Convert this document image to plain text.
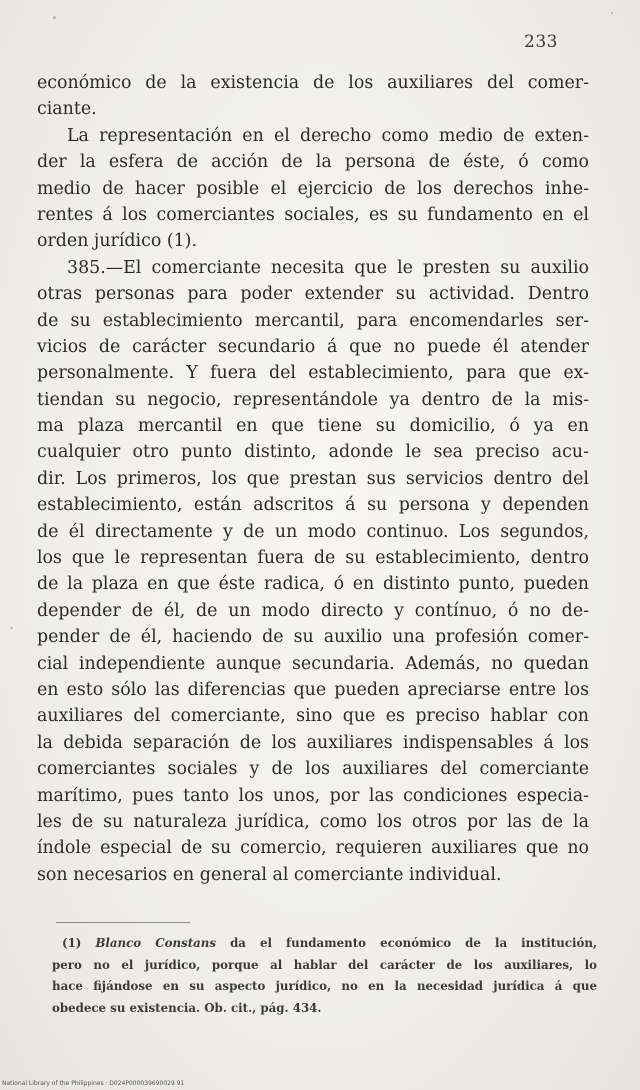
233
económico de la existencia de los auxiliares del comer-
ciante.
La representación en el derecho como medio de exten-
der la esfera de acción de la persona de éste, ó como
medio de hacer posible el ejercicio de los derechos inhe-
rentes á los comerciantes sociales, es su fundamento en el
orden jurídico (1).
385.—El comerciante necesita que le presten su auxilio
otras personas para poder extender su actividad. Dentro
de su establecimiento mercantil, para encomendarles ser-
vicios de carácter secundario á que no puede él atender
personalmente. Y fuera del establecimiento, para que ex-
tiendan su negocio, representándole ya dentro de la mis-
ma plaza mercantil en que tiene su domicilio, ó ya en
cualquier otro punto distinto, adonde le sea preciso acu-
dir. Los primeros, los que prestan sus servicios dentro del
establecimiento, están adscritos á su persona y dependen
de él directamente y de un modo continuo. Los segundos,
los que le representan fuera de su establecimiento, dentro
de la plaza en que éste radica, ó en distinto punto, pueden
depender de él, de un modo directo y contínuo, ó no de-
pender de él, haciendo de su auxilio una profesión comer-
cial independiente aunque secundaria. Además, no quedan
en esto sólo las diferencias que pueden apreciarse entre los
auxiliares del comerciante, sino que es preciso hablar con
la debida separación de los auxiliares indispensables á los
comerciantes sociales y de los auxiliares del comerciante
marítimo, pues tanto los unos, por las condiciones especia-
les de su naturaleza jurídica, como los otros por las de la
índole especial de su comercio, requieren auxiliares que no
son necesarios en general al comerciante individual.
(1) Blanco Constans da el fundamento económico de la institución,
pero no el jurídico, porque al hablar del carácter de los auxiliares, lo
hace fijándose en su aspecto jurídico, no en la necesidad jurídica á que
obedece su existencia. Ob. cit., pág. 434.
National Library of the Philippines · D024P000039690029 91
